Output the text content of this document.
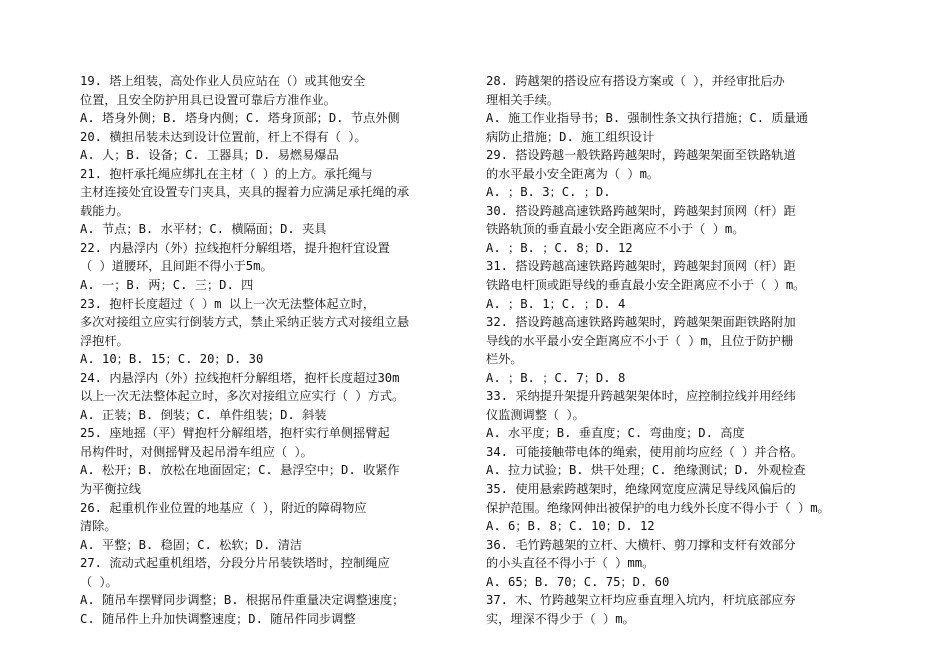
19. 塔上组装，高处作业人员应站在（）或其他安全
位置，且安全防护用具已设置可靠后方准作业。
A. 塔身外侧；B. 塔身内侧；C. 塔身顶部；D. 节点外侧
20. 横担吊装未达到设计位置前，杆上不得有（ ）。
A. 人；B. 设备；C. 工器具；D. 易燃易爆品
21. 抱杆承托绳应绑扎在主材（ ）的上方。承托绳与
主材连接处宜设置专门夹具，夹具的握着力应满足承托绳的承
载能力。
A. 节点；B. 水平材；C. 横隔面；D. 夹具
22. 内悬浮内（外）拉线抱杆分解组塔，提升抱杆宜设置
（ ）道腰环，且间距不得小于5m。
A. 一；B. 两；C. 三；D. 四
23. 抱杆长度超过（ ）m 以上一次无法整体起立时，
多次对接组立应实行倒装方式，禁止采纳正装方式对接组立悬
浮抱杆。
A. 10；B. 15；C. 20；D. 30
24. 内悬浮内（外）拉线抱杆分解组塔，抱杆长度超过30m
以上一次无法整体起立时，多次对接组立应实行（ ）方式。
A. 正装；B. 倒装；C. 单件组装；D. 斜装
25. 座地摇（平）臂抱杆分解组塔，抱杆实行单侧摇臂起
吊构件时，对侧摇臂及起吊滑车组应（ ）。
A. 松开；B. 放松在地面固定；C. 悬浮空中；D. 收紧作
为平衡拉线
26. 起重机作业位置的地基应（ ），附近的障碍物应
清除。
A. 平整；B. 稳固；C. 松软；D. 清洁
27. 流动式起重机组塔，分段分片吊装铁塔时，控制绳应
（ ）。
A. 随吊车摆臂同步调整；B. 根据吊件重量决定调整速度；
C. 随吊件上升加快调整速度；D. 随吊件同步调整
28. 跨越架的搭设应有搭设方案或（ ），并经审批后办
理相关手续。
A. 施工作业指导书；B. 强制性条文执行措施；C. 质量通
病防止措施；D. 施工组织设计
29. 搭设跨越一般铁路跨越架时，跨越架架面至铁路轨道
的水平最小安全距离为（ ）m。
A. ；B. 3；C. ；D.
30. 搭设跨越高速铁路跨越架时，跨越架封顶网（杆）距
铁路轨顶的垂直最小安全距离应不小于（ ）m。
A. ；B. ；C. 8；D. 12
31. 搭设跨越高速铁路跨越架时，跨越架封顶网（杆）距
铁路电杆顶或距导线的垂直最小安全距离应不小于（ ）m。
A. ；B. 1；C. ；D. 4
32. 搭设跨越高速铁路跨越架时，跨越架架面距铁路附加
导线的水平最小安全距离应不小于（ ）m，且位于防护栅
栏外。
A. ；B. ；C. 7；D. 8
33. 采纳提升架提升跨越架架体时，应控制拉线并用经纬
仪监测调整（ ）。
A. 水平度；B. 垂直度；C. 弯曲度；D. 高度
34. 可能接触带电体的绳索，使用前均应经（ ）并合格。
A. 拉力试验；B. 烘干处理；C. 绝缘测试；D. 外观检查
35. 使用悬索跨越架时，绝缘网宽度应满足导线风偏后的
保护范围。绝缘网伸出被保护的电力线外长度不得小于（ ）m。
A. 6；B. 8；C. 10；D. 12
36. 毛竹跨越架的立杆、大横杆、剪刀撑和支杆有效部分
的小头直径不得小于（ ）mm。
A. 65；B. 70；C. 75；D. 60
37. 木、竹跨越架立杆均应垂直埋入坑内，杆坑底部应夯
实，埋深不得少于（ ）m。
